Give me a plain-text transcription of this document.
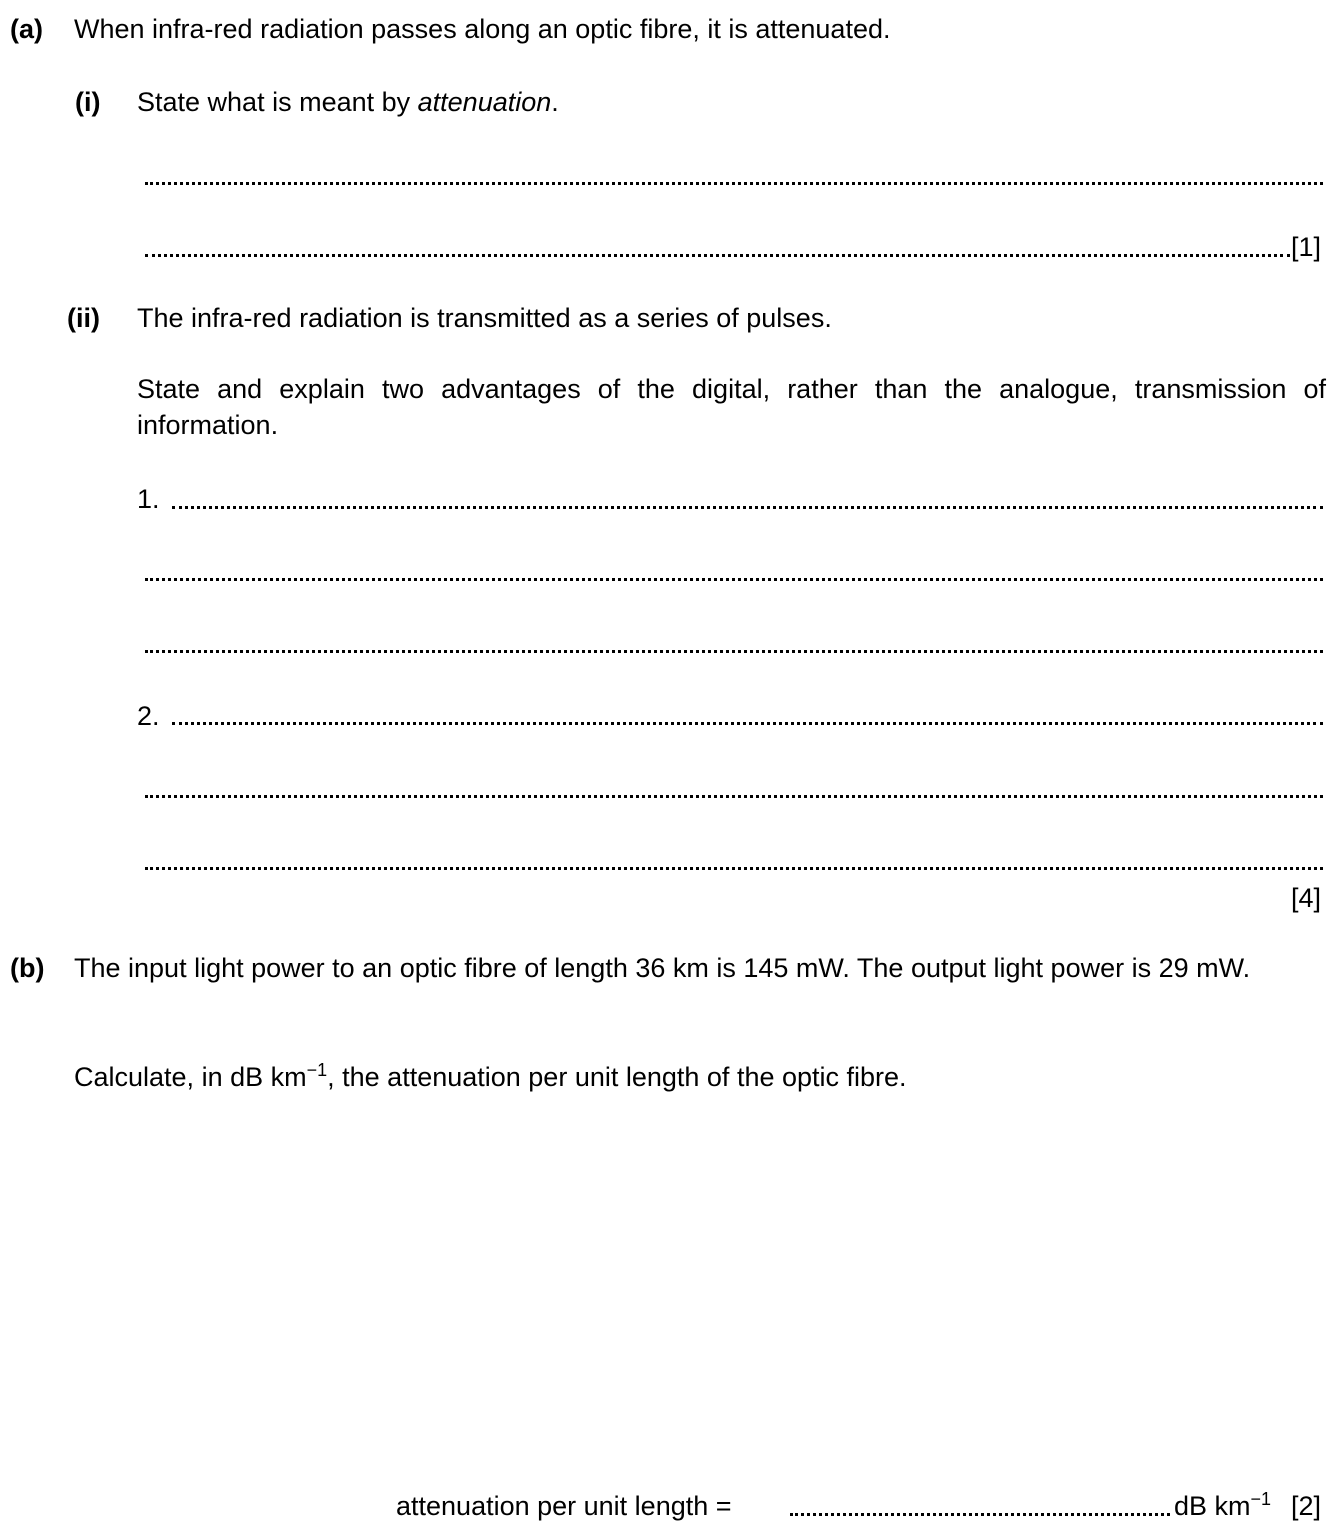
(a) When infra-red radiation passes along an optic fibre, it is attenuated.
(i) State what is meant by attenuation.
[1]
(ii) The infra-red radiation is transmitted as a series of pulses.
State and explain two advantages of the digital, rather than the analogue, transmission of information.
1.
2.
[4]
(b) The input light power to an optic fibre of length 36 km is 145 mW. The output light power is 29 mW.
Calculate, in dB $km^{-1}$, the attenuation per unit length of the optic fibre.
attenuation per unit length =	dB $km^{-1}$ [2]
